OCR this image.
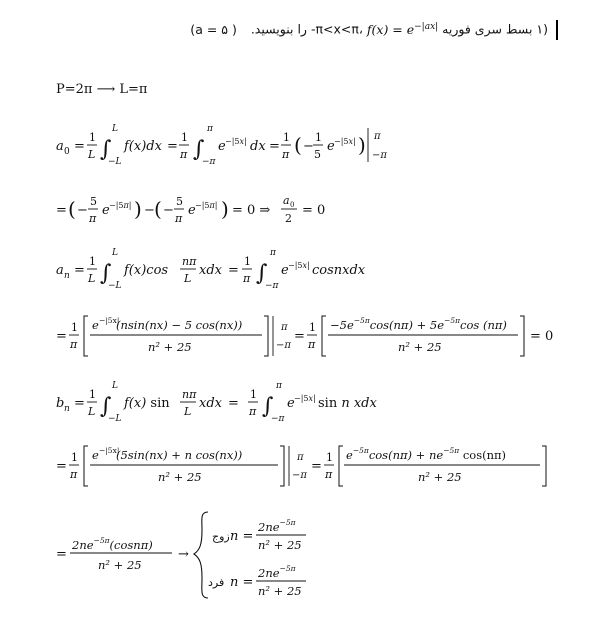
(۱ بسط سری فوریه -π<x<π، $f(x) = e^{-|ax|}$ را بنویسید. ( a = ۵)
P=2π ⟶ L=π
a 0 =
1
L ∫
L
−L
f(x)dx =
1
π ∫
π
−π
e −|5x| dx =
1
π ( −
1
5
e −|5x| ) π
−π
= ( −
5
π
e −|5π| ) − ( −
5
π
e −|5π| ) = 0 ⇒
a 0
2
= 0
a n =
1
L ∫
L
−L
f(x)cos
nπ
L
xdx =
1
π ∫
π
−π
e −|5x| cosnxdx
=
1
π
e −|5x|
(nsin(nx) − 5 cos(nx))
n² + 25
π
−π
=
1
π
$-5e^{-5\pi}\cos(n\pi) + 5e^{-5\pi}\cos$ (nπ)
n² + 25
= 0
b n =
1
L ∫
L
−L
f(x) sin
nπ
L
xdx =
1
π ∫
π
−π
e −|5x| sin n xdx
=
1
π
e −|5x|
(5sin(nx) + n cos(nx))
n² + 25
π
−π
=
1
π
$e^{-5\pi}\cos(n\pi) + ne^{-5\pi}$ cos(nπ)
n² + 25
=
$2ne^{-5\pi}(\cos n\pi)$
n² + 25
→
زوج n =
$2ne^{-5\pi}$
n² + 25
فرد n =
$2ne^{-5\pi}$
n² + 25
